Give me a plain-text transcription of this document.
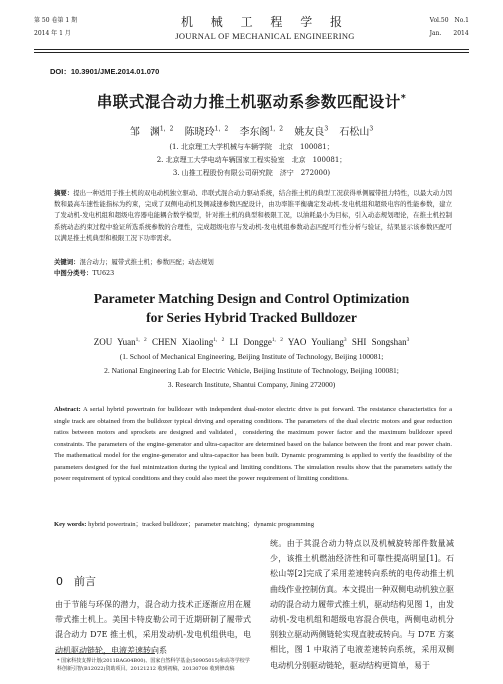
第 50 卷第 1 期
2014 年 1 月
机 械 工 程 学 报
JOURNAL OF MECHANICAL ENGINEERING
Vol.50　No.1
Jan.　　2014
DOI：10.3901/JME.2014.01.070
串联式混合动力推土机驱动系参数匹配设计*
邹　渊$^{1,2}$ 陈晓玲$^{1,2}$ 李东阁$^{1,2}$ 姚友良$^3$ 石松山$^3$
(1. 北京理工大学机械与车辆学院　北京　100081；
2. 北京理工大学电动车辆国家工程实验室　北京　100081；
3. 山推工程股份有限公司研究院　济宁　272000)
摘要：提出一种适用于推土机的双电动机独立驱动、串联式混合动力驱动系统，结合推土机的典型工况获得单侧履带扭力特性，以最大动力因数和最高车速性能指标为约束，完成了双侧电动机及侧减速参数匹配设计，由功率锥平衡确定发动机-发电机组和超级电容的性能参数，建立了发动机-发电机组和超级电容器电能耦合数学模型，针对推土机的典型和极限工况，以油耗最小为目标，引入动态规划理论，在推土机控制系统动态约束过程中验证所选系统参数的合理性，完成超级电容与发动机-发电机组参数动态匹配可行性分析与验证，结果显示该参数匹配可以满足推土机典型和极限工况下功率需求。
关键词：混合动力；履带式推土机；参数匹配；动态规划
中图分类号：TU623
Parameter Matching Design and Control Optimization
for Series Hybrid Tracked Bulldozer
ZOU Yuan$^{1, 2}$ CHEN Xiaoling$^{1, 2}$ LI Dongge$^{1, 2}$ YAO Youliang$^3$ SHI Songshan$^3$
(1. School of Mechanical Engineering, Beijing Institute of Technology, Beijing 100081;
2. National Engineering Lab for Electric Vehicle, Beijing Institute of Technology, Beijing 100081;
3. Research Institute, Shantui Company, Jining 272000)
Abstract: A serial hybrid powertrain for bulldozer with independent dual-motor electric drive is put forward. The resistance characteristics for a single track are obtained from the bulldozer typical driving and operating conditions. The parameters of the dual electric motors and gear reduction ratios between motors and sprockets are designed and validated，considering the maximum power factor and the maximum bulldozer speed constraints. The parameters of the engine-generator and ultra-capacitor are determined based on the balance between the front and rear power chain. The mathematical model for the engine-generator and ultra-capacitor has been built. Dynamic programming is applied to verify the feasibility of the parameters designed for the fuel minimization during the typical and limiting conditions. The simulation results show that the parameters satisfy the power requirement of typical conditions and they could also meet the power requirement of limiting conditions.
Key words: hybrid powertrain；tracked bulldozer；parameter matching；dynamic programming
0　前言
由于节能与环保的潜力，混合动力技术正逐渐应用在履带式推土机上。美国卡特皮勒公司于近期研制了履带式混合动力 D7E 推土机，采用发动机-发电机组供电，电动机驱动链轮，电液差速转向系
统。由于其混合动力特点以及机械旋转部件数量减少，该推土机燃油经济性和可靠性提高明显[1]。石松山等[2]完成了采用差速转向系统的电传动推土机曲线作业控制仿真。本文提出一种双侧电动机独立驱动的混合动力履带式推土机，驱动结构见图 1，由发动机-发电机组和超级电容混合供电，两侧电动机分别独立驱动两侧链轮实现直驶或转向。与 D7E 方案相比，图 1 中取消了电液差速转向系统，采用双侧电动机分别驱动链轮，驱动结构更简单，易于
* 国家科技支撑计划(2011BAG04B00)、国家自然科学基金(50905015)和高等学校学科创新引智(B12022)资助项目。20121212 收到初稿，20130708 收到修改稿
